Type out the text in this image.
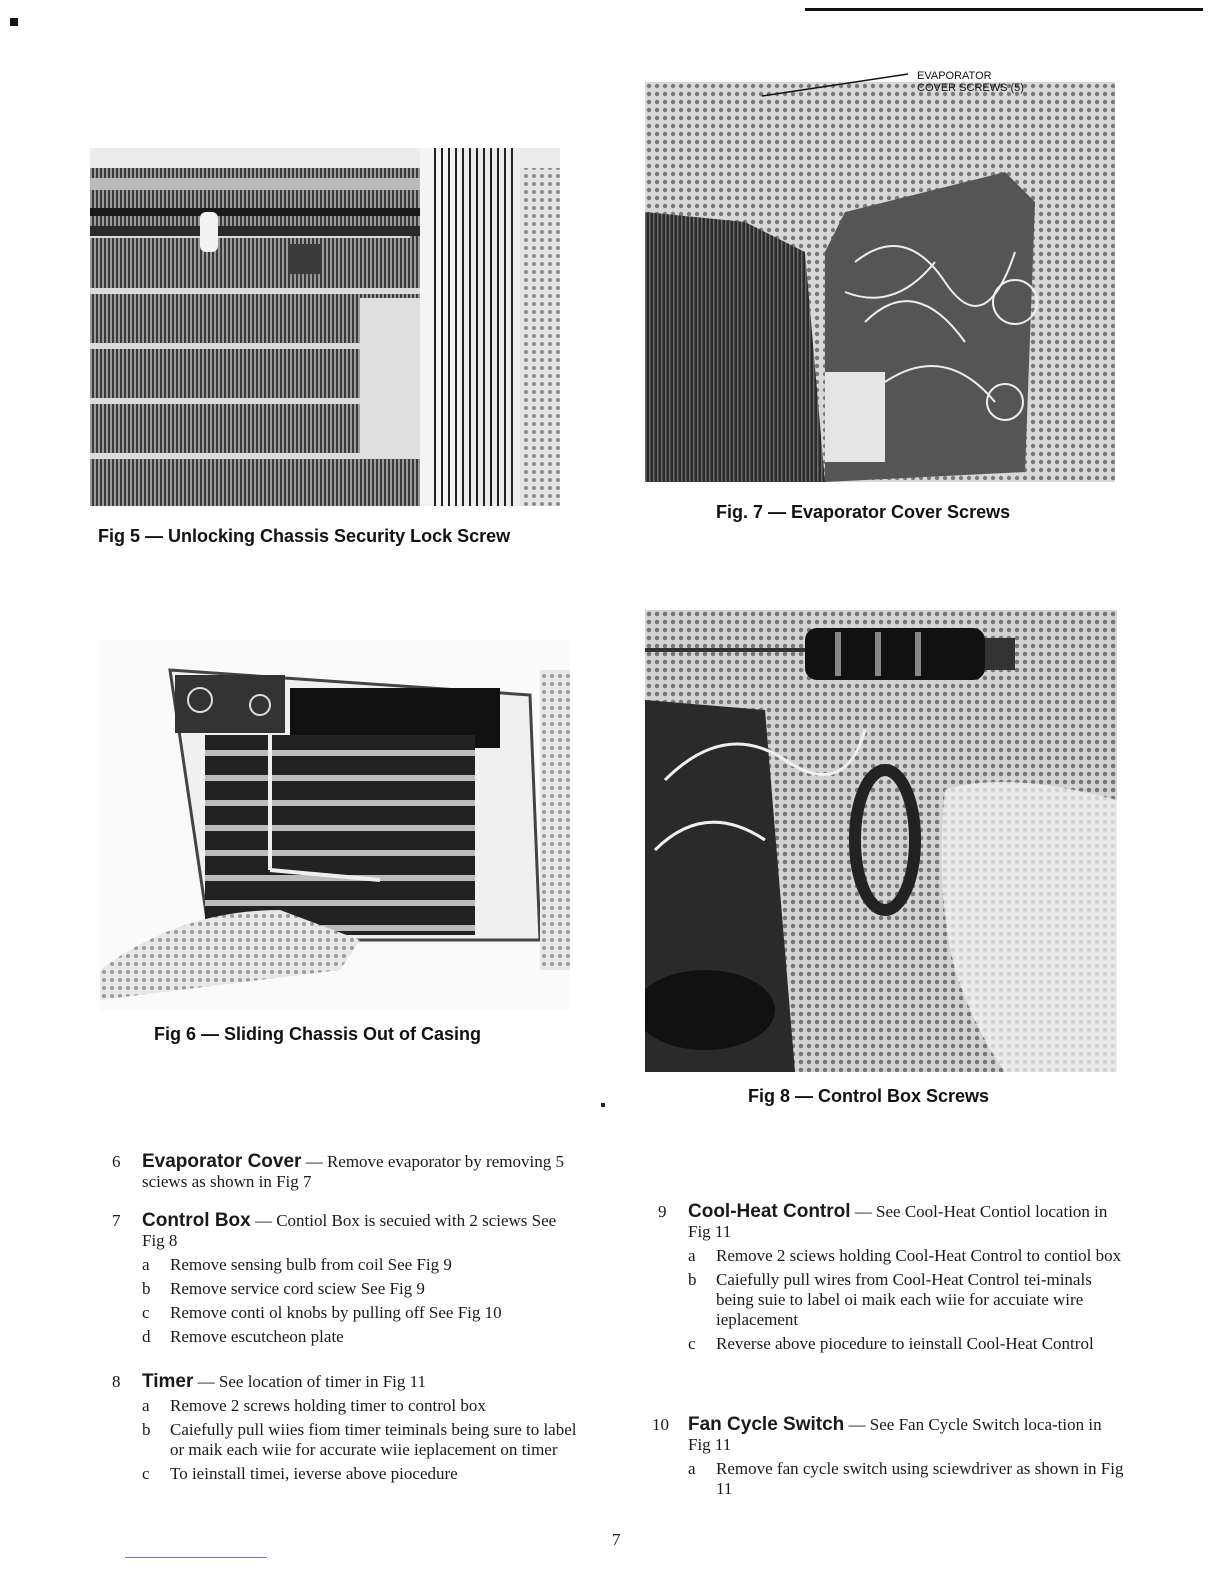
Fig 5 — Unlocking Chassis Security Lock Screw
EVAPORATOR
COVER SCREWS (5)
Fig. 7 — Evaporator Cover Screws
Fig 6 — Sliding Chassis Out of Casing
Fig 8 — Control Box Screws
6 Evaporator Cover — Remove evaporator by removing 5 sciews as shown in Fig 7
7 Control Box — Contiol Box is secuied with 2 sciews See Fig 8
a Remove sensing bulb from coil See Fig 9
b Remove service cord sciew See Fig 9
c Remove conti ol knobs by pulling off See Fig 10
d Remove escutcheon plate
8 Timer — See location of timer in Fig 11
a Remove 2 screws holding timer to control box
b Caiefully pull wiies fiom timer teiminals being sure to label or maik each wiie for accurate wiie ieplacement on timer
c To ieinstall timei, ieverse above piocedure
9 Cool-Heat Control — See Cool-Heat Contiol location in Fig 11
a Remove 2 sciews holding Cool-Heat Control to contiol box
b Caiefully pull wires from Cool-Heat Control tei-minals being suie to label oi maik each wiie for accuiate wire ieplacement
c Reverse above piocedure to ieinstall Cool-Heat Control
10 Fan Cycle Switch — See Fan Cycle Switch loca-tion in Fig 11
a Remove fan cycle switch using sciewdriver as shown in Fig 11
7
